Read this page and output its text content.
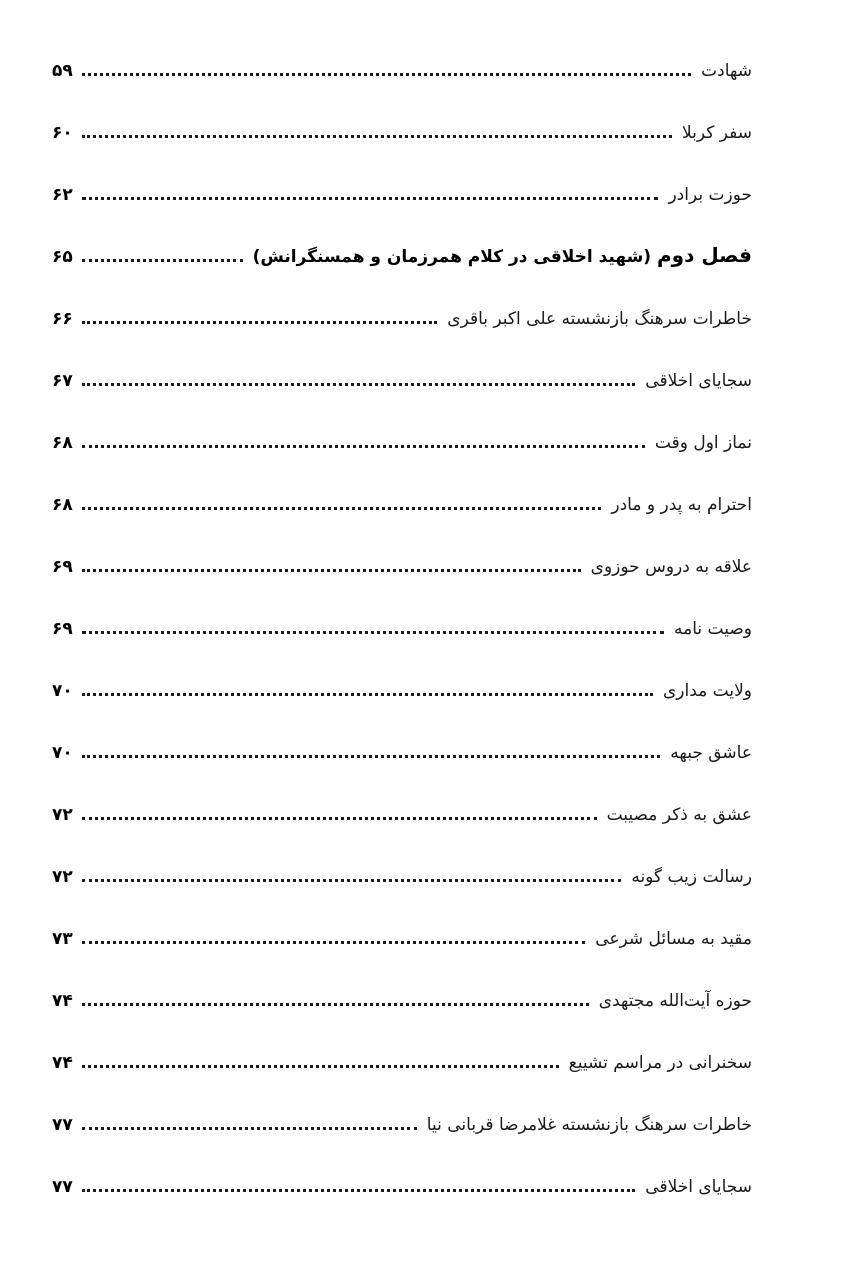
شهادت
۵۹
سفر کربلا
۶۰
حوزت برادر
۶۲
فصل دوم (شهید اخلاقی در کلام همرزمان و همسنگرانش)
۶۵
خاطرات سرهنگ بازنشسته علی اکبر باقری
۶۶
سجایای اخلاقی
۶۷
نماز اول وقت
۶۸
احترام به پدر و مادر
۶۸
علاقه به دروس حوزوی
۶۹
وصیت نامه
۶۹
ولایت مداری
۷۰
عاشق جبهه
۷۰
عشق به ذکر مصیبت
۷۲
رسالت زیب گونه
۷۲
مقید به مسائل شرعی
۷۳
حوزه آیت‌الله مجتهدی
۷۴
سخنرانی در مراسم تشییع
۷۴
خاطرات سرهنگ بازنشسته غلامرضا قربانی نیا
۷۷
سجایای اخلاقی
۷۷
